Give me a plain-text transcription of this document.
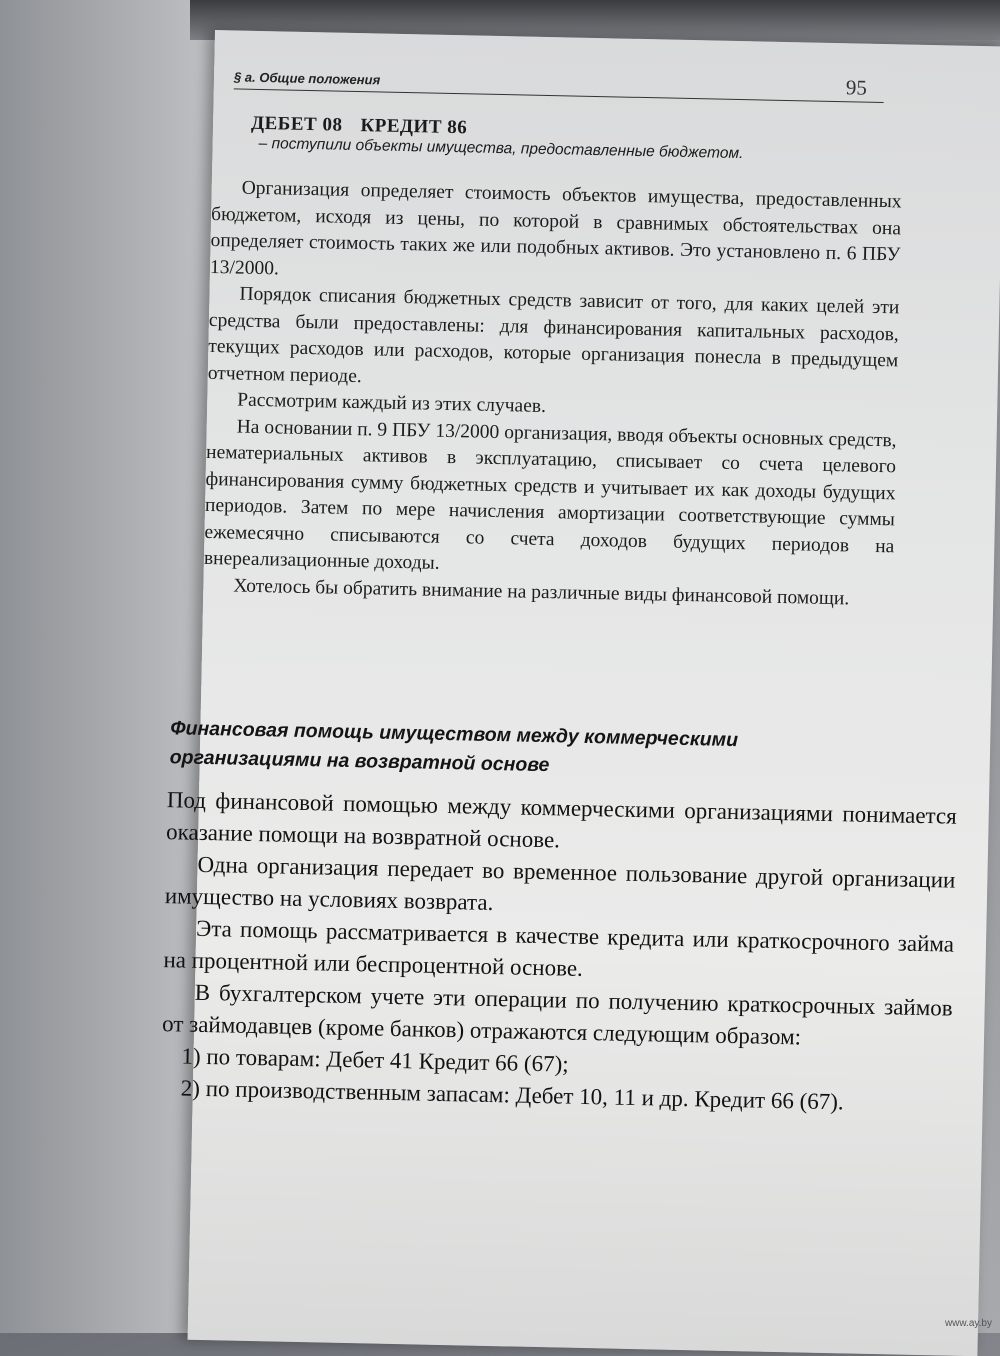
§ a. Общие положения	95
ДЕБЕТ 08 КРЕДИТ 86
– поступили объекты имущества, предоставленные бюджетом.

Организация определяет стоимость объектов имущества, предоставленных бюджетом, исходя из цены, по которой в сравнимых обстоятельствах она определяет стоимость таких же или подобных активов. Это установлено п. 6 ПБУ 13/2000.

Порядок списания бюджетных средств зависит от того, для каких целей эти средства были предоставлены: для финансирования капитальных расходов, текущих расходов или расходов, которые организация понесла в предыдущем отчетном периоде.

Рассмотрим каждый из этих случаев.

На основании п. 9 ПБУ 13/2000 организация, вводя объекты основных средств, нематериальных активов в эксплуатацию, списывает со счета целевого финансирования сумму бюджетных средств и учитывает их как доходы будущих периодов. Затем по мере начисления амортизации соответствующие суммы ежемесячно списываются со счета доходов будущих периодов на внереализационные доходы.

Хотелось бы обратить внимание на различные виды финансовой помощи.

Финансовая помощь имуществом между коммерческими организациями на возвратной основе

Под финансовой помощью между коммерческими организациями понимается оказание помощи на возвратной основе.

Одна организация передает во временное пользование другой организации имущество на условиях возврата.

Эта помощь рассматривается в качестве кредита или краткосрочного займа на процентной или беспроцентной основе.

В бухгалтерском учете эти операции по получению краткосрочных займов от займодавцев (кроме банков) отражаются следующим образом:

1) по товарам: Дебет 41 Кредит 66 (67);

2) по производственным запасам: Дебет 10, 11 и др. Кредит 66 (67).

www.ay.by
